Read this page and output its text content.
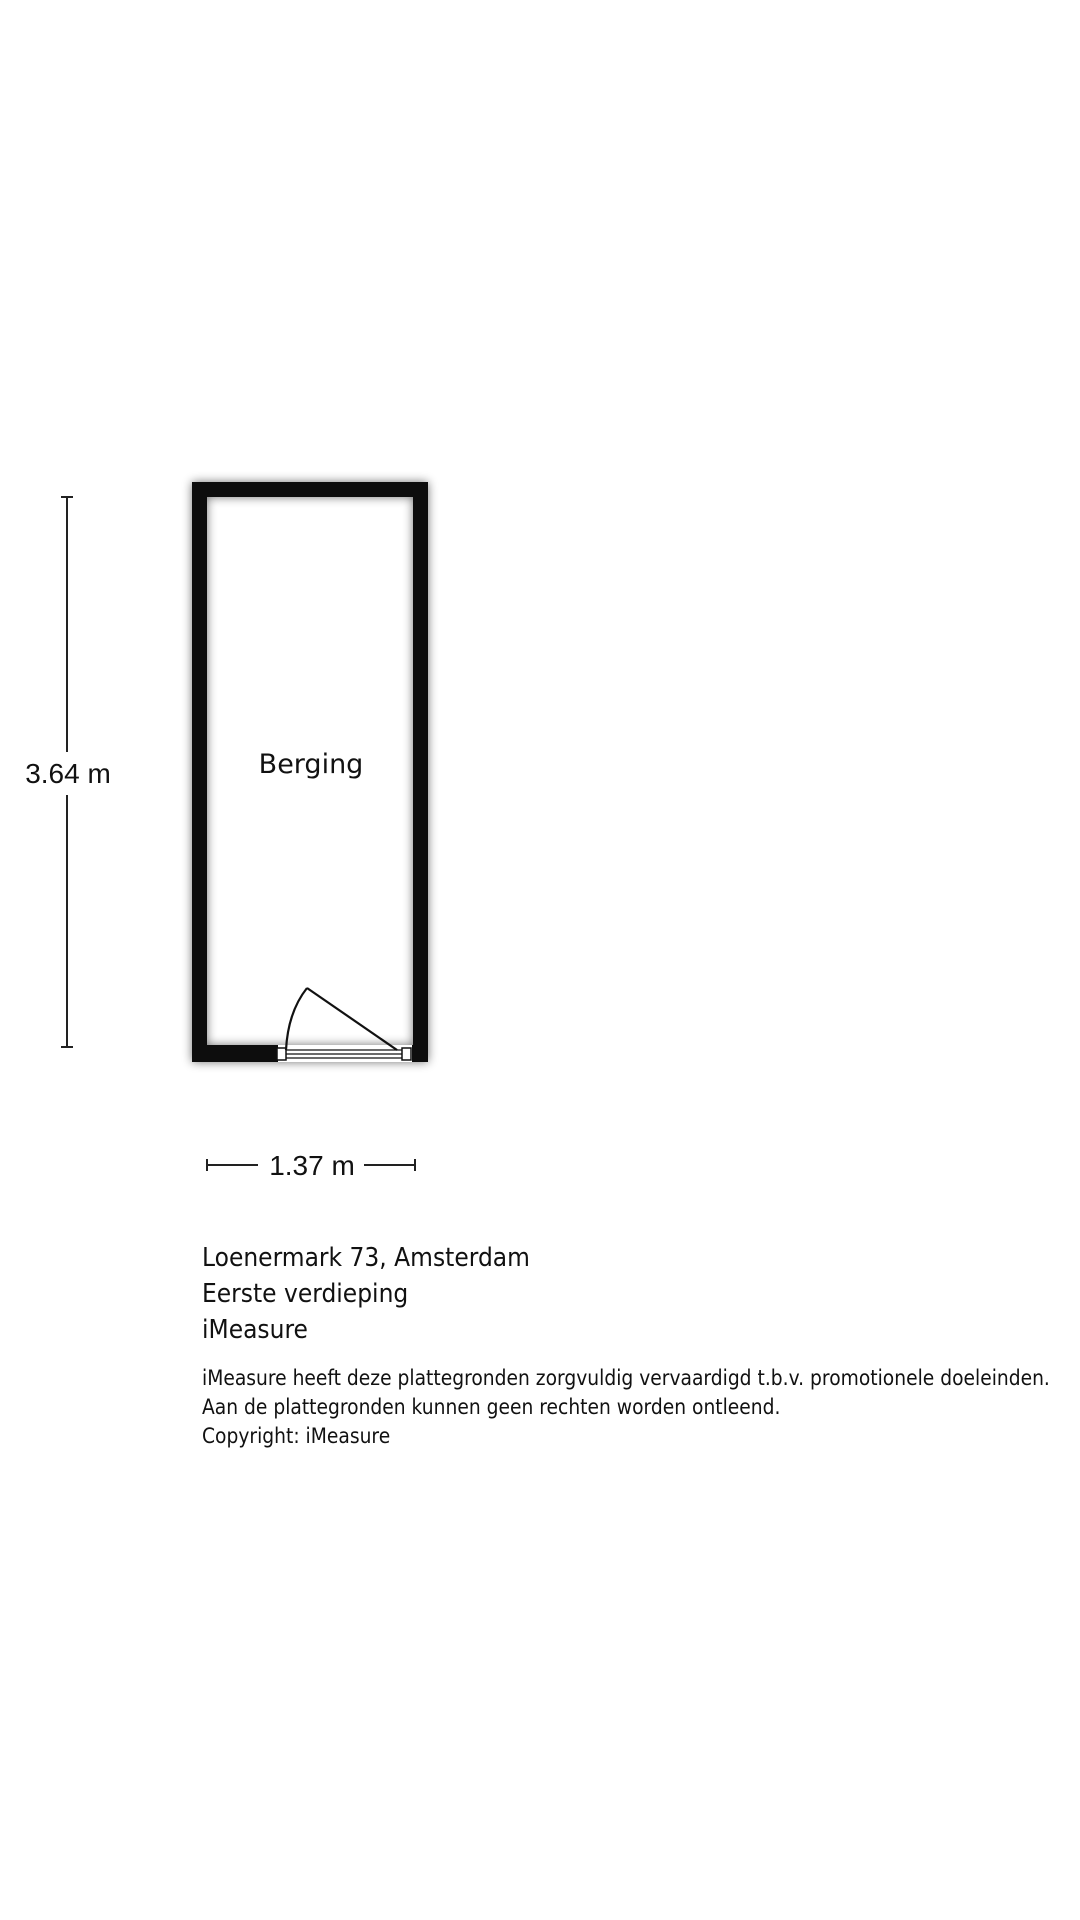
Berging
3.64 m
1.37 m
Loenermark 73, Amsterdam
Eerste verdieping
iMeasure
iMeasure heeft deze plattegronden zorgvuldig vervaardigd t.b.v. promotionele doeleinden.
Aan de plattegronden kunnen geen rechten worden ontleend.
Copyright: iMeasure
